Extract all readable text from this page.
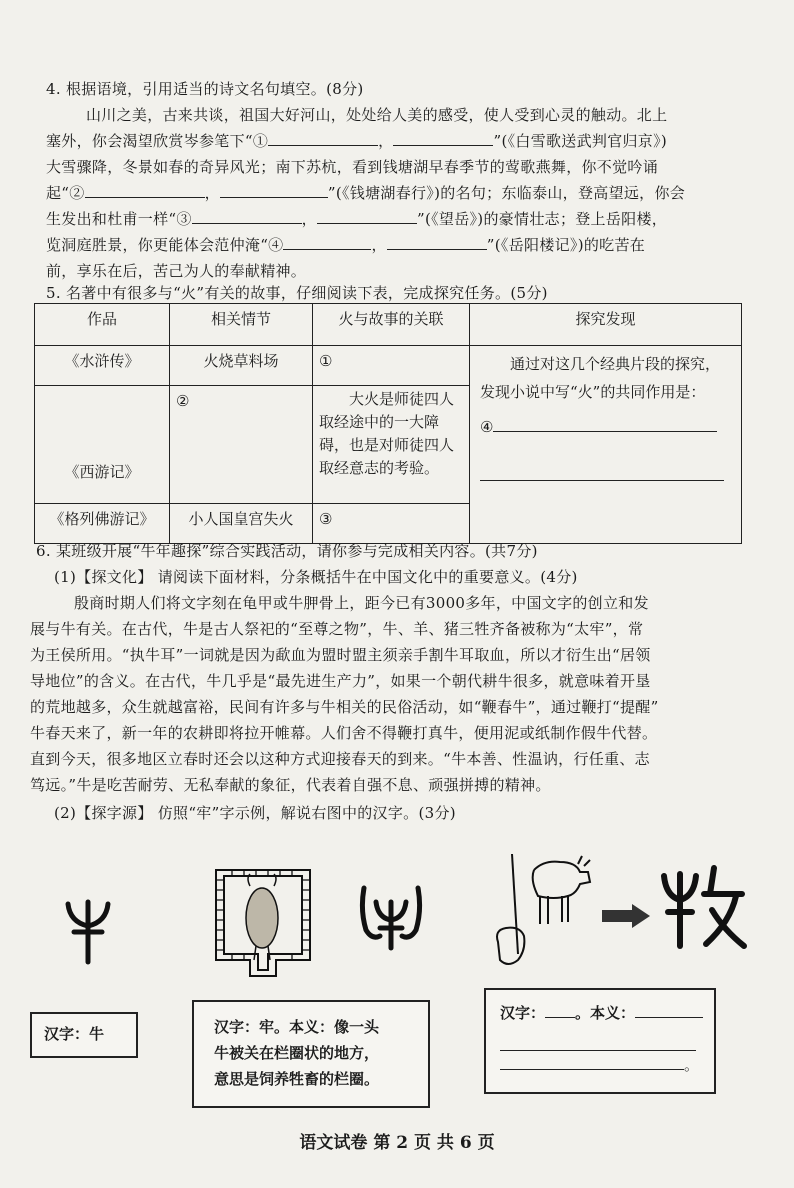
4. 根据语境，引用适当的诗文名句填空。(8分)
山川之美，古来共谈，祖国大好河山，处处给人美的感受，使人受到心灵的触动。北上
塞外，你会渴望欣赏岑参笔下“①	，	”(《白雪歌送武判官归京》)
大雪骤降，冬景如春的奇异风光；南下苏杭，看到钱塘湖早春季节的莺歌燕舞，你不觉吟诵
起“②	，	”(《钱塘湖春行》)的名句；东临泰山，登高望远，你会
生发出和杜甫一样“③	，	”(《望岳》)的豪情壮志；登上岳阳楼，
览洞庭胜景，你更能体会范仲淹“④	，	”(《岳阳楼记》)的吃苦在
前，享乐在后，苦己为人的奉献精神。
5. 名著中有很多与“火”有关的故事，仔细阅读下表，完成探究任务。(5分)
作品	相关情节	火与故事的关联	探究发现
《水浒传》	火烧草料场	①	通过对这几个经典片段的探究，发现小说中写“火”的共同作用是：
④

《西游记》	②	大火是师徒四人取经途中的一大障碍，也是对师徒四人取经意志的考验。	
《格列佛游记》	小人国皇宫失火	③	
6. 某班级开展“牛年趣探”综合实践活动，请你参与完成相关内容。(共7分)
(1)【探文化】 请阅读下面材料，分条概括牛在中国文化中的重要意义。(4分)
殷商时期人们将文字刻在龟甲或牛胛骨上，距今已有3000多年，中国文字的创立和发
展与牛有关。在古代，牛是古人祭祀的“至尊之物”，牛、羊、猪三牲齐备被称为“太牢”，常
为王侯所用。“执牛耳”一词就是因为歃血为盟时盟主须亲手割牛耳取血，所以才衍生出“居领
导地位”的含义。在古代，牛几乎是“最先进生产力”，如果一个朝代耕牛很多，就意味着开垦
的荒地越多，众生就越富裕，民间有许多与牛相关的民俗活动，如“鞭春牛”，通过鞭打“提醒”
牛春天来了，新一年的农耕即将拉开帷幕。人们舍不得鞭打真牛，便用泥或纸制作假牛代替。
直到今天，很多地区立春时还会以这种方式迎接春天的到来。“牛本善、性温讷，行任重、志
笃远。”牛是吃苦耐劳、无私奉献的象征，代表着自强不息、顽强拼搏的精神。
(2)【探字源】 仿照“牢”字示例，解说右图中的汉字。(3分)
汉字：牛	汉字：牢。本义：像一头
牛被关在栏圈状的地方，
意思是饲养牲畜的栏圈。
汉字： 。本义：
。
语文试卷 第 2 页 共 6 页
